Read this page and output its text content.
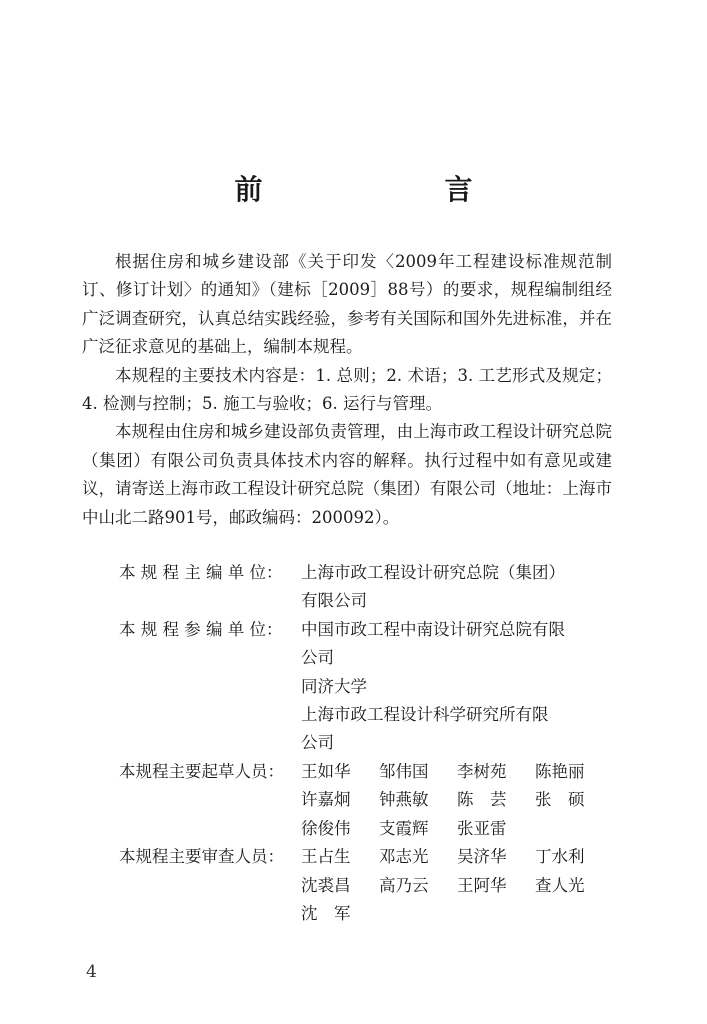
前　　言

根据住房和城乡建设部《关于印发〈2009年工程建设标准规范制订、修订计划〉的通知》（建标［2009］88号）的要求，规程编制组经广泛调查研究，认真总结实践经验，参考有关国际和国外先进标准，并在广泛征求意见的基础上，编制本规程。

本规程的主要技术内容是：1. 总则；2. 术语；3. 工艺形式及规定；4. 检测与控制；5. 施工与验收；6. 运行与管理。

本规程由住房和城乡建设部负责管理，由上海市政工程设计研究总院（集团）有限公司负责具体技术内容的解释。执行过程中如有意见或建议，请寄送上海市政工程设计研究总院（集团）有限公司（地址：上海市中山北二路901号，邮政编码：200092）。

本 规 程 主 编 单 位：	上海市政工程设计研究总院（集团）
有限公司
本 规 程 参 编 单 位：	中国市政工程中南设计研究总院有限
公司
同济大学
上海市政工程设计科学研究所有限
公司
本规程主要起草人员：	王如华	邹伟国	李树苑	陈艳丽
许嘉炯	钟燕敏	陈　芸	张　硕
徐俊伟	支霞辉	张亚雷
本规程主要审查人员：	王占生	邓志光	吴济华	丁水利
沈裘昌	高乃云	王阿华	查人光
沈　军
4
